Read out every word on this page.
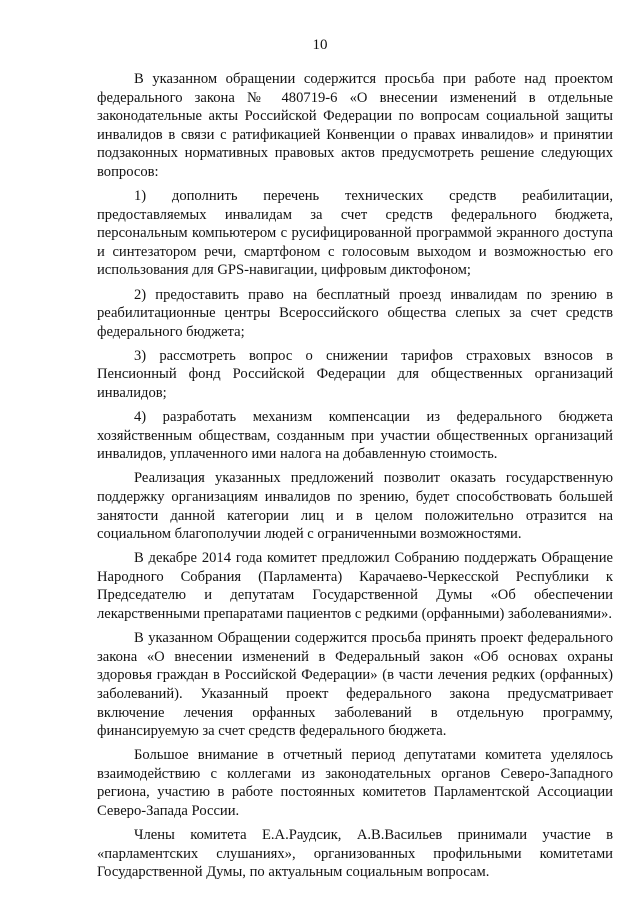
10

В указанном обращении содержится просьба при работе над проектом федерального закона № 480719-6 «О внесении изменений в отдельные законодательные акты Российской Федерации по вопросам социальной защиты инвалидов в связи с ратификацией Конвенции о правах инвалидов» и принятии подзаконных нормативных правовых актов предусмотреть решение следующих вопросов:

1) дополнить перечень технических средств реабилитации, предоставляемых инвалидам за счет средств федерального бюджета, персональным компьютером с русифицированной программой экранного доступа и синтезатором речи, смартфоном с голосовым выходом и возможностью его использования для GPS-навигации, цифровым диктофоном;

2) предоставить право на бесплатный проезд инвалидам по зрению в реабилитационные центры Всероссийского общества слепых за счет средств федерального бюджета;

3) рассмотреть вопрос о снижении тарифов страховых взносов в Пенсионный фонд Российской Федерации для общественных организаций инвалидов;

4) разработать механизм компенсации из федерального бюджета хозяйственным обществам, созданным при участии общественных организаций инвалидов, уплаченного ими налога на добавленную стоимость.

Реализация указанных предложений позволит оказать государственную поддержку организациям инвалидов по зрению, будет способствовать большей занятости данной категории лиц и в целом положительно отразится на социальном благополучии людей с ограниченными возможностями.

В декабре 2014 года комитет предложил Собранию поддержать Обращение Народного Собрания (Парламента) Карачаево-Черкесской Республики к Председателю и депутатам Государственной Думы «Об обеспечении лекарственными препаратами пациентов с редкими (орфанными) заболеваниями».

В указанном Обращении содержится просьба принять проект федерального закона «О внесении изменений в Федеральный закон «Об основах охраны здоровья граждан в Российской Федерации» (в части лечения редких (орфанных) заболеваний). Указанный проект федерального закона предусматривает включение лечения орфанных заболеваний в отдельную программу, финансируемую за счет средств федерального бюджета.

Большое внимание в отчетный период депутатами комитета уделялось взаимодействию с коллегами из законодательных органов Северо-Западного региона, участию в работе постоянных комитетов Парламентской Ассоциации Северо-Запада России.

Члены комитета Е.А.Раудсик, А.В.Васильев принимали участие в «парламентских слушаниях», организованных профильными комитетами Государственной Думы, по актуальным социальным вопросам.
